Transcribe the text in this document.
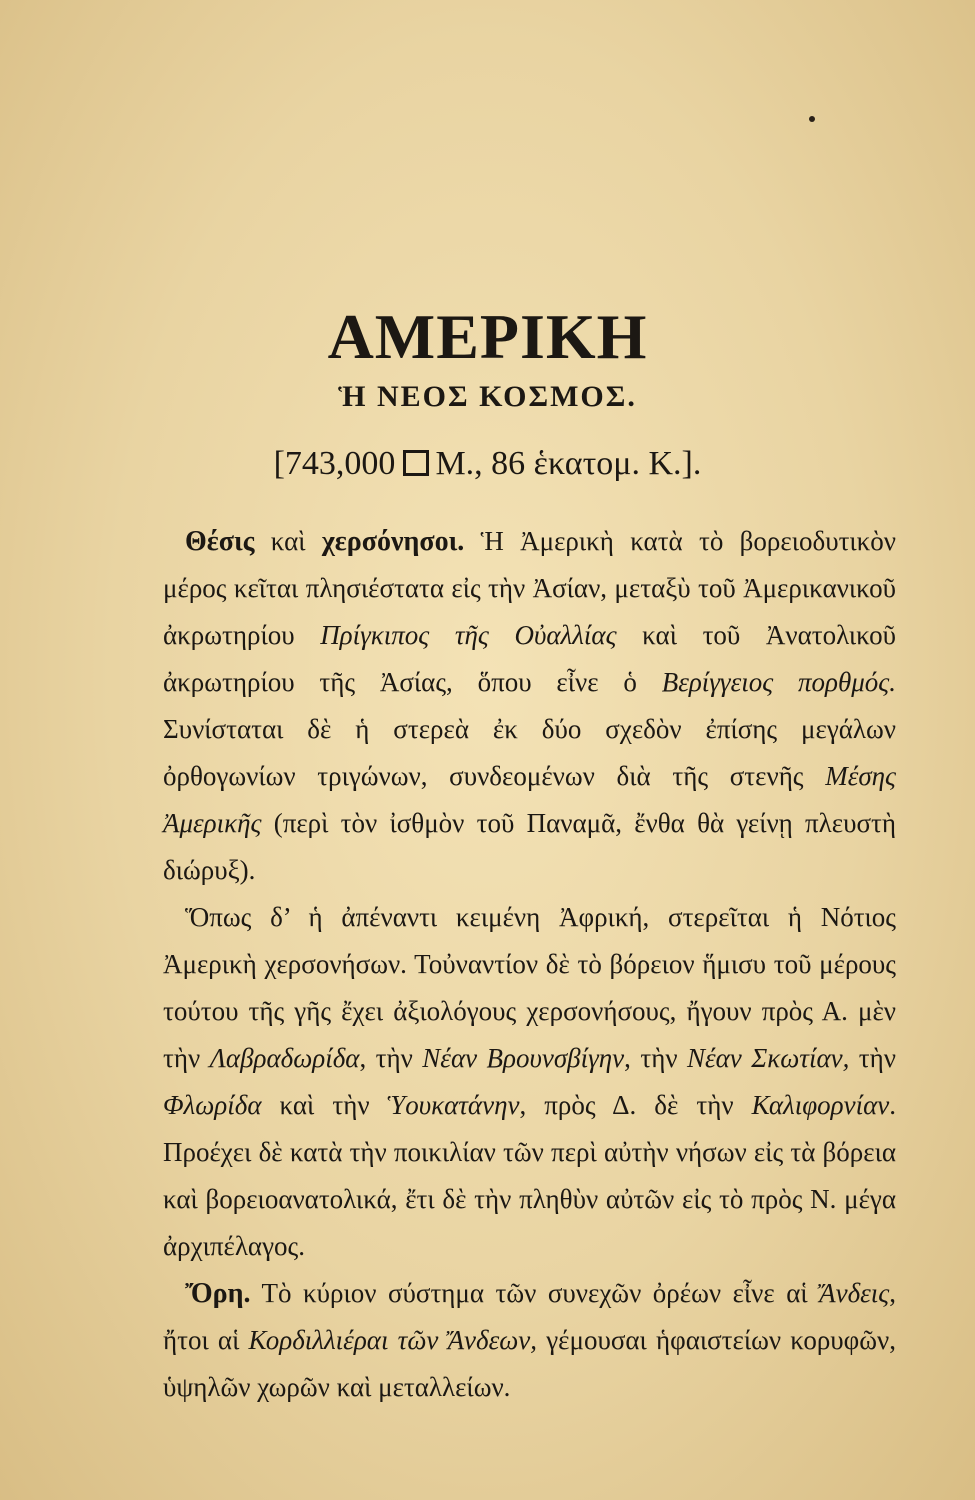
ΑΜΕΡΙΚΗ
Ἡ ΝΕΟΣ ΚΟΣΜΟΣ.
[743,000 Μ., 86 ἑκατομ. Κ.].

Θέσις καὶ χερσόνησοι. Ἡ Ἀμερικὴ κατὰ τὸ βορειοδυτικὸν μέρος κεῖται πλησιέστατα εἰς τὴν Ἀσίαν, μεταξὺ τοῦ Ἀμερικανικοῦ ἀκρωτηρίου Πρίγκιπος τῆς Οὐαλλίας καὶ τοῦ Ἀνατολικοῦ ἀκρωτηρίου τῆς Ἀσίας, ὅπου εἶνε ὁ Βερίγγειος πορθμός. Συνίσταται δὲ ἡ στερεὰ ἐκ δύο σχεδὸν ἐπίσης μεγάλων ὀρθογωνίων τριγώνων, συνδεομένων διὰ τῆς στενῆς Μέσης Ἀμερικῆς (περὶ τὸν ἰσθμὸν τοῦ Παναμᾶ, ἔνθα θὰ γείνῃ πλευστὴ διώρυξ).

Ὅπως δ’ ἡ ἀπέναντι κειμένη Ἀφρική, στερεῖται ἡ Νότιος Ἀμερικὴ χερσονήσων. Τοὐναντίον δὲ τὸ βόρειον ἥμισυ τοῦ μέρους τούτου τῆς γῆς ἔχει ἀξιολόγους χερσονήσους, ἤγουν πρὸς Α. μὲν τὴν Λαβραδωρίδα, τὴν Νέαν Βρουνσβίγην, τὴν Νέαν Σκωτίαν, τὴν Φλωρίδα καὶ τὴν Ὑουκατάνην, πρὸς Δ. δὲ τὴν Καλιφορνίαν. Προέχει δὲ κατὰ τὴν ποικιλίαν τῶν περὶ αὐτὴν νήσων εἰς τὰ βόρεια καὶ βορειοανατολικά, ἔτι δὲ τὴν πληθὺν αὐτῶν εἰς τὸ πρὸς Ν. μέγα ἀρχιπέλαγος.

Ὄρη. Τὸ κύριον σύστημα τῶν συνεχῶν ὀρέων εἶνε αἱ Ἄνδεις, ἤτοι αἱ Κορδιλλιέραι τῶν Ἄνδεων, γέμουσαι ἡφαιστείων κορυφῶν, ὑψηλῶν χωρῶν καὶ μεταλλείων.
